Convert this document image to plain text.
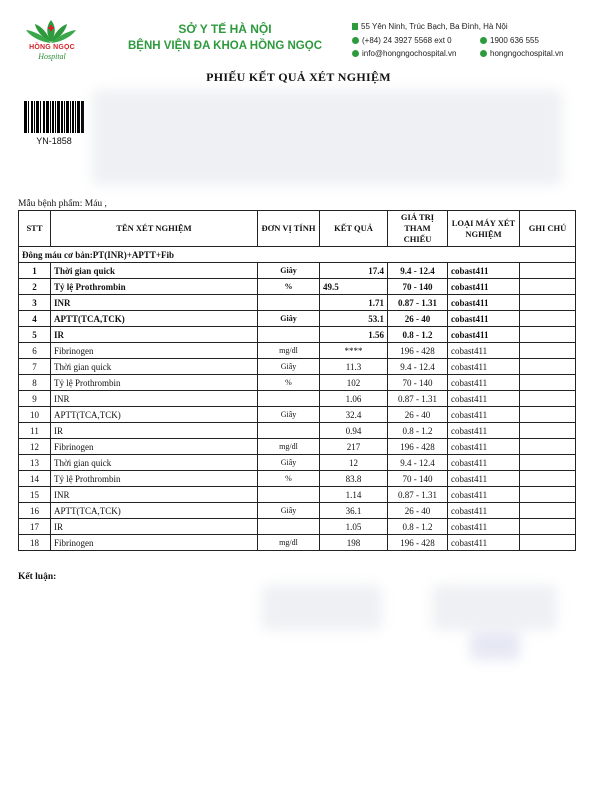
HỒNG NGỌC
Hospital
SỞ Y TẾ HÀ NỘI
BỆNH VIỆN ĐA KHOA HỒNG NGỌC
55 Yên Ninh, Trúc Bạch, Ba Đình, Hà Nội
(+84) 24 3927 5568 ext 0	1900 636 555
info@hongngochospital.vn	hongngochospital.vn
PHIẾU KẾT QUẢ XÉT NGHIỆM
YN-1858
Mẫu bệnh phẩm: Máu ,
STT	TÊN XÉT NGHIỆM	ĐƠN VỊ TÍNH	KẾT QUẢ	GIÁ TRỊ THAM CHIẾU	LOẠI MÁY XÉT NGHIỆM	GHI CHÚ
Đông máu cơ bản:PT(INR)+APTT+Fib						
1	Thời gian quick	Giây	17.4	9.4 - 12.4	cobast411	
2	Tỷ lệ Prothrombin	%	49.5	70 - 140	cobast411	
3	INR		1.71	0.87 - 1.31	cobast411	
4	APTT(TCA,TCK)	Giây	53.1	26 - 40	cobast411	
5	IR		1.56	0.8 - 1.2	cobast411	
6	Fibrinogen	mg/dl	****	196 - 428	cobast411	
7	Thời gian quick	Giây	11.3	9.4 - 12.4	cobast411	
8	Tỷ lệ Prothrombin	%	102	70 - 140	cobast411	
9	INR		1.06	0.87 - 1.31	cobast411	
10	APTT(TCA,TCK)	Giây	32.4	26 - 40	cobast411	
11	IR		0.94	0.8 - 1.2	cobast411	
12	Fibrinogen	mg/dl	217	196 - 428	cobast411	
13	Thời gian quick	Giây	12	9.4 - 12.4	cobast411	
14	Tỷ lệ Prothrombin	%	83.8	70 - 140	cobast411	
15	INR		1.14	0.87 - 1.31	cobast411	
16	APTT(TCA,TCK)	Giây	36.1	26 - 40	cobast411	
17	IR		1.05	0.8 - 1.2	cobast411	
18	Fibrinogen	mg/dl	198	196 - 428	cobast411	
Kết luận:
